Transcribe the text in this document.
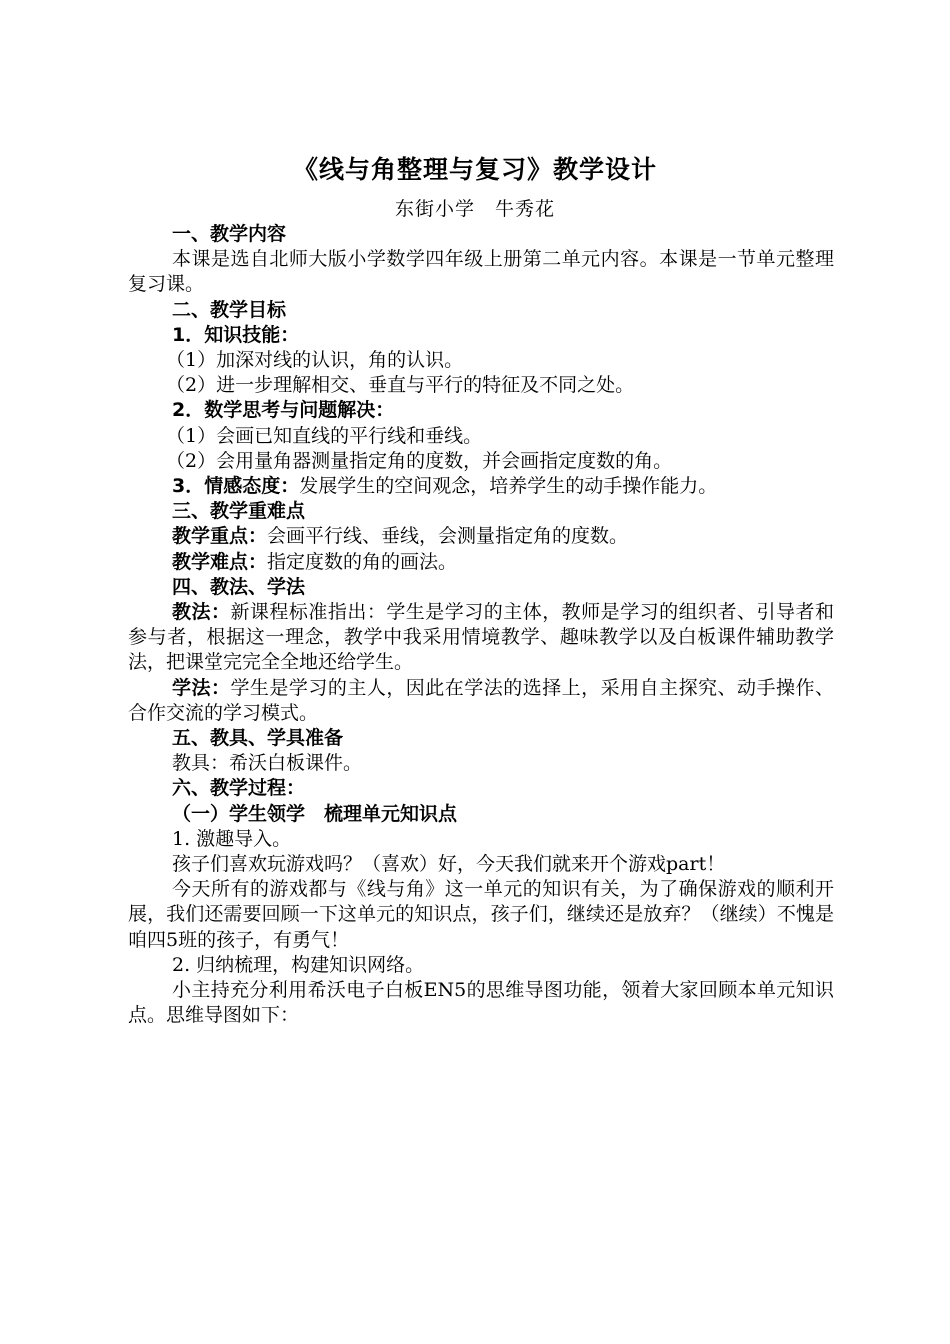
《线与角整理与复习》教学设计
东街小学　牛秀花
一、教学内容
本课是选自北师大版小学数学四年级上册第二单元内容。本课是一节单元整理复习课。
二、教学目标
1．知识技能：
（1）加深对线的认识，角的认识。
（2）进一步理解相交、垂直与平行的特征及不同之处。
2．数学思考与问题解决：
（1）会画已知直线的平行线和垂线。
（2）会用量角器测量指定角的度数，并会画指定度数的角。
3．情感态度：发展学生的空间观念，培养学生的动手操作能力。
三、教学重难点
教学重点：会画平行线、垂线，会测量指定角的度数。
教学难点：指定度数的角的画法。
四、教法、学法
教法：新课程标准指出：学生是学习的主体，教师是学习的组织者、引导者和参与者，根据这一理念，教学中我采用情境教学、趣味教学以及白板课件辅助教学法，把课堂完完全全地还给学生。
学法：学生是学习的主人，因此在学法的选择上，采用自主探究、动手操作、合作交流的学习模式。
五、教具、学具准备
教具：希沃白板课件。
六、教学过程：
（一）学生领学　梳理单元知识点
1. 激趣导入。
孩子们喜欢玩游戏吗？（喜欢）好，今天我们就来开个游戏part！
今天所有的游戏都与《线与角》这一单元的知识有关，为了确保游戏的顺利开展，我们还需要回顾一下这单元的知识点，孩子们，继续还是放弃？（继续）不愧是咱四5班的孩子，有勇气！
2. 归纳梳理，构建知识网络。
小主持充分利用希沃电子白板EN5的思维导图功能，领着大家回顾本单元知识点。思维导图如下：
